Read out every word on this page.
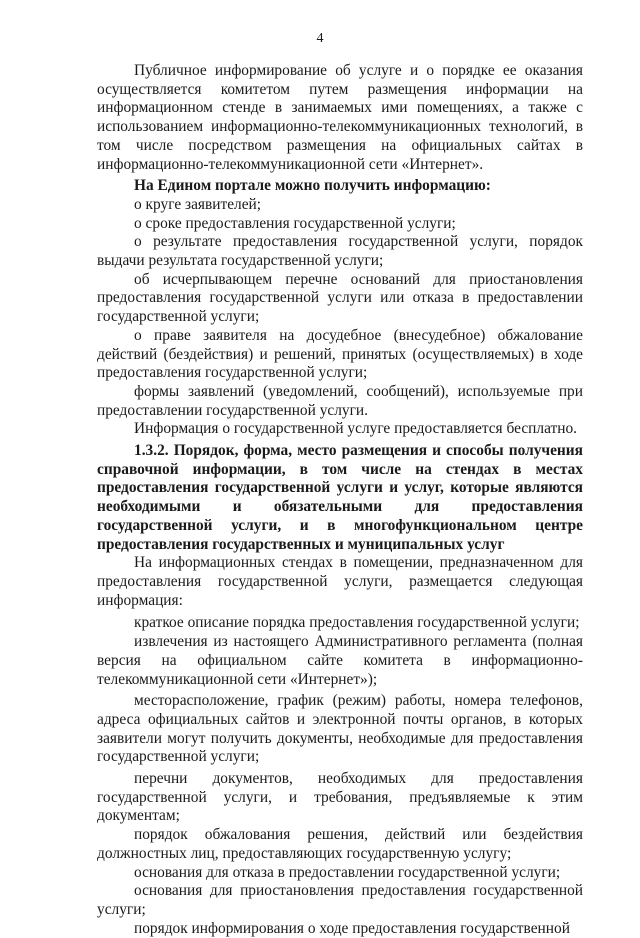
4

Публичное информирование об услуге и о порядке ее оказания осуществляется комитетом путем размещения информации на информационном стенде в занимаемых ими помещениях, а также с использованием информационно-телекоммуникационных технологий, в том числе посредством размещения на официальных сайтах в информационно-телекоммуникационной сети «Интернет».

На Едином портале можно получить информацию:

о круге заявителей;

о сроке предоставления государственной услуги;

о результате предоставления государственной услуги, порядок выдачи результата государственной услуги;

об исчерпывающем перечне оснований для приостановления предоставления государственной услуги или отказа в предоставлении государственной услуги;

о праве заявителя на досудебное (внесудебное) обжалование действий (бездействия) и решений, принятых (осуществляемых) в ходе предоставления государственной услуги;

формы заявлений (уведомлений, сообщений), используемые при предоставлении государственной услуги.

Информация о государственной услуге предоставляется бесплатно.

1.3.2. Порядок, форма, место размещения и способы получения справочной информации, в том числе на стендах в местах предоставления государственной услуги и услуг, которые являются необходимыми и обязательными для предоставления государственной услуги, и в многофункциональном центре предоставления государственных и муниципальных услуг

На информационных стендах в помещении, предназначенном для предоставления государственной услуги, размещается следующая информация:

краткое описание порядка предоставления государственной услуги;

извлечения из настоящего Административного регламента (полная версия на официальном сайте комитета в информационно-телекоммуникационной сети «Интернет»);

месторасположение, график (режим) работы, номера телефонов, адреса официальных сайтов и электронной почты органов, в которых заявители могут получить документы, необходимые для предоставления государственной услуги;

перечни документов, необходимых для предоставления государственной услуги, и требования, предъявляемые к этим документам;

порядок обжалования решения, действий или бездействия должностных лиц, предоставляющих государственную услугу;

основания для отказа в предоставлении государственной услуги;

основания для приостановления предоставления государственной услуги;

порядок информирования о ходе предоставления государственной
